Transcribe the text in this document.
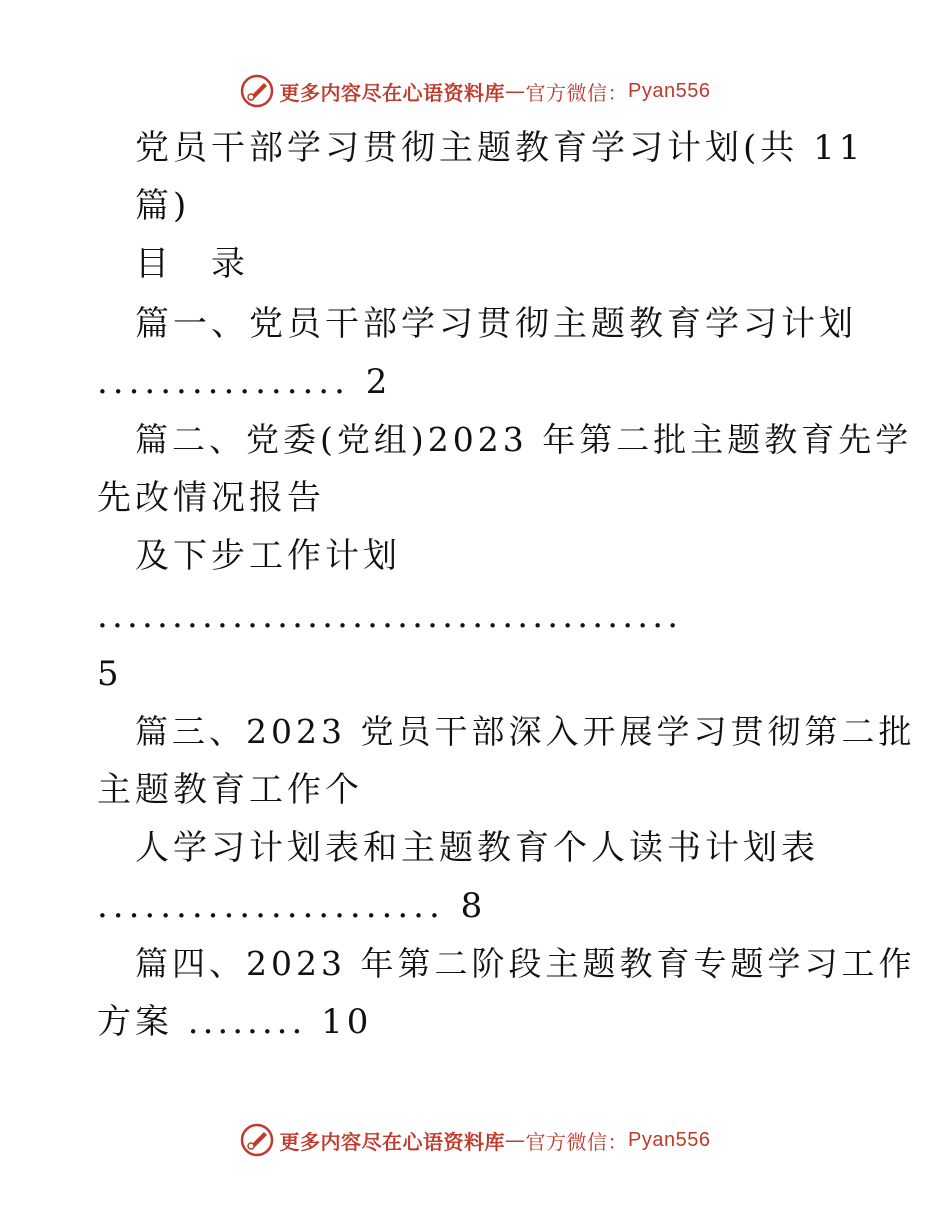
更多内容尽在心语资料库 — 官方微信： Pyan556
党员干部学习贯彻主题教育学习计划(共 11
篇)
目　录
篇一、党员干部学习贯彻主题教育学习计划
................ 2
篇二、党委(党组)2023 年第二批主题教育先学
先改情况报告
及下步工作计划
.......................................
5
篇三、2023 党员干部深入开展学习贯彻第二批
主题教育工作个
人学习计划表和主题教育个人读书计划表
...................... 8
篇四、2023 年第二阶段主题教育专题学习工作
方案 ........ 10
更多内容尽在心语资料库 — 官方微信： Pyan556
